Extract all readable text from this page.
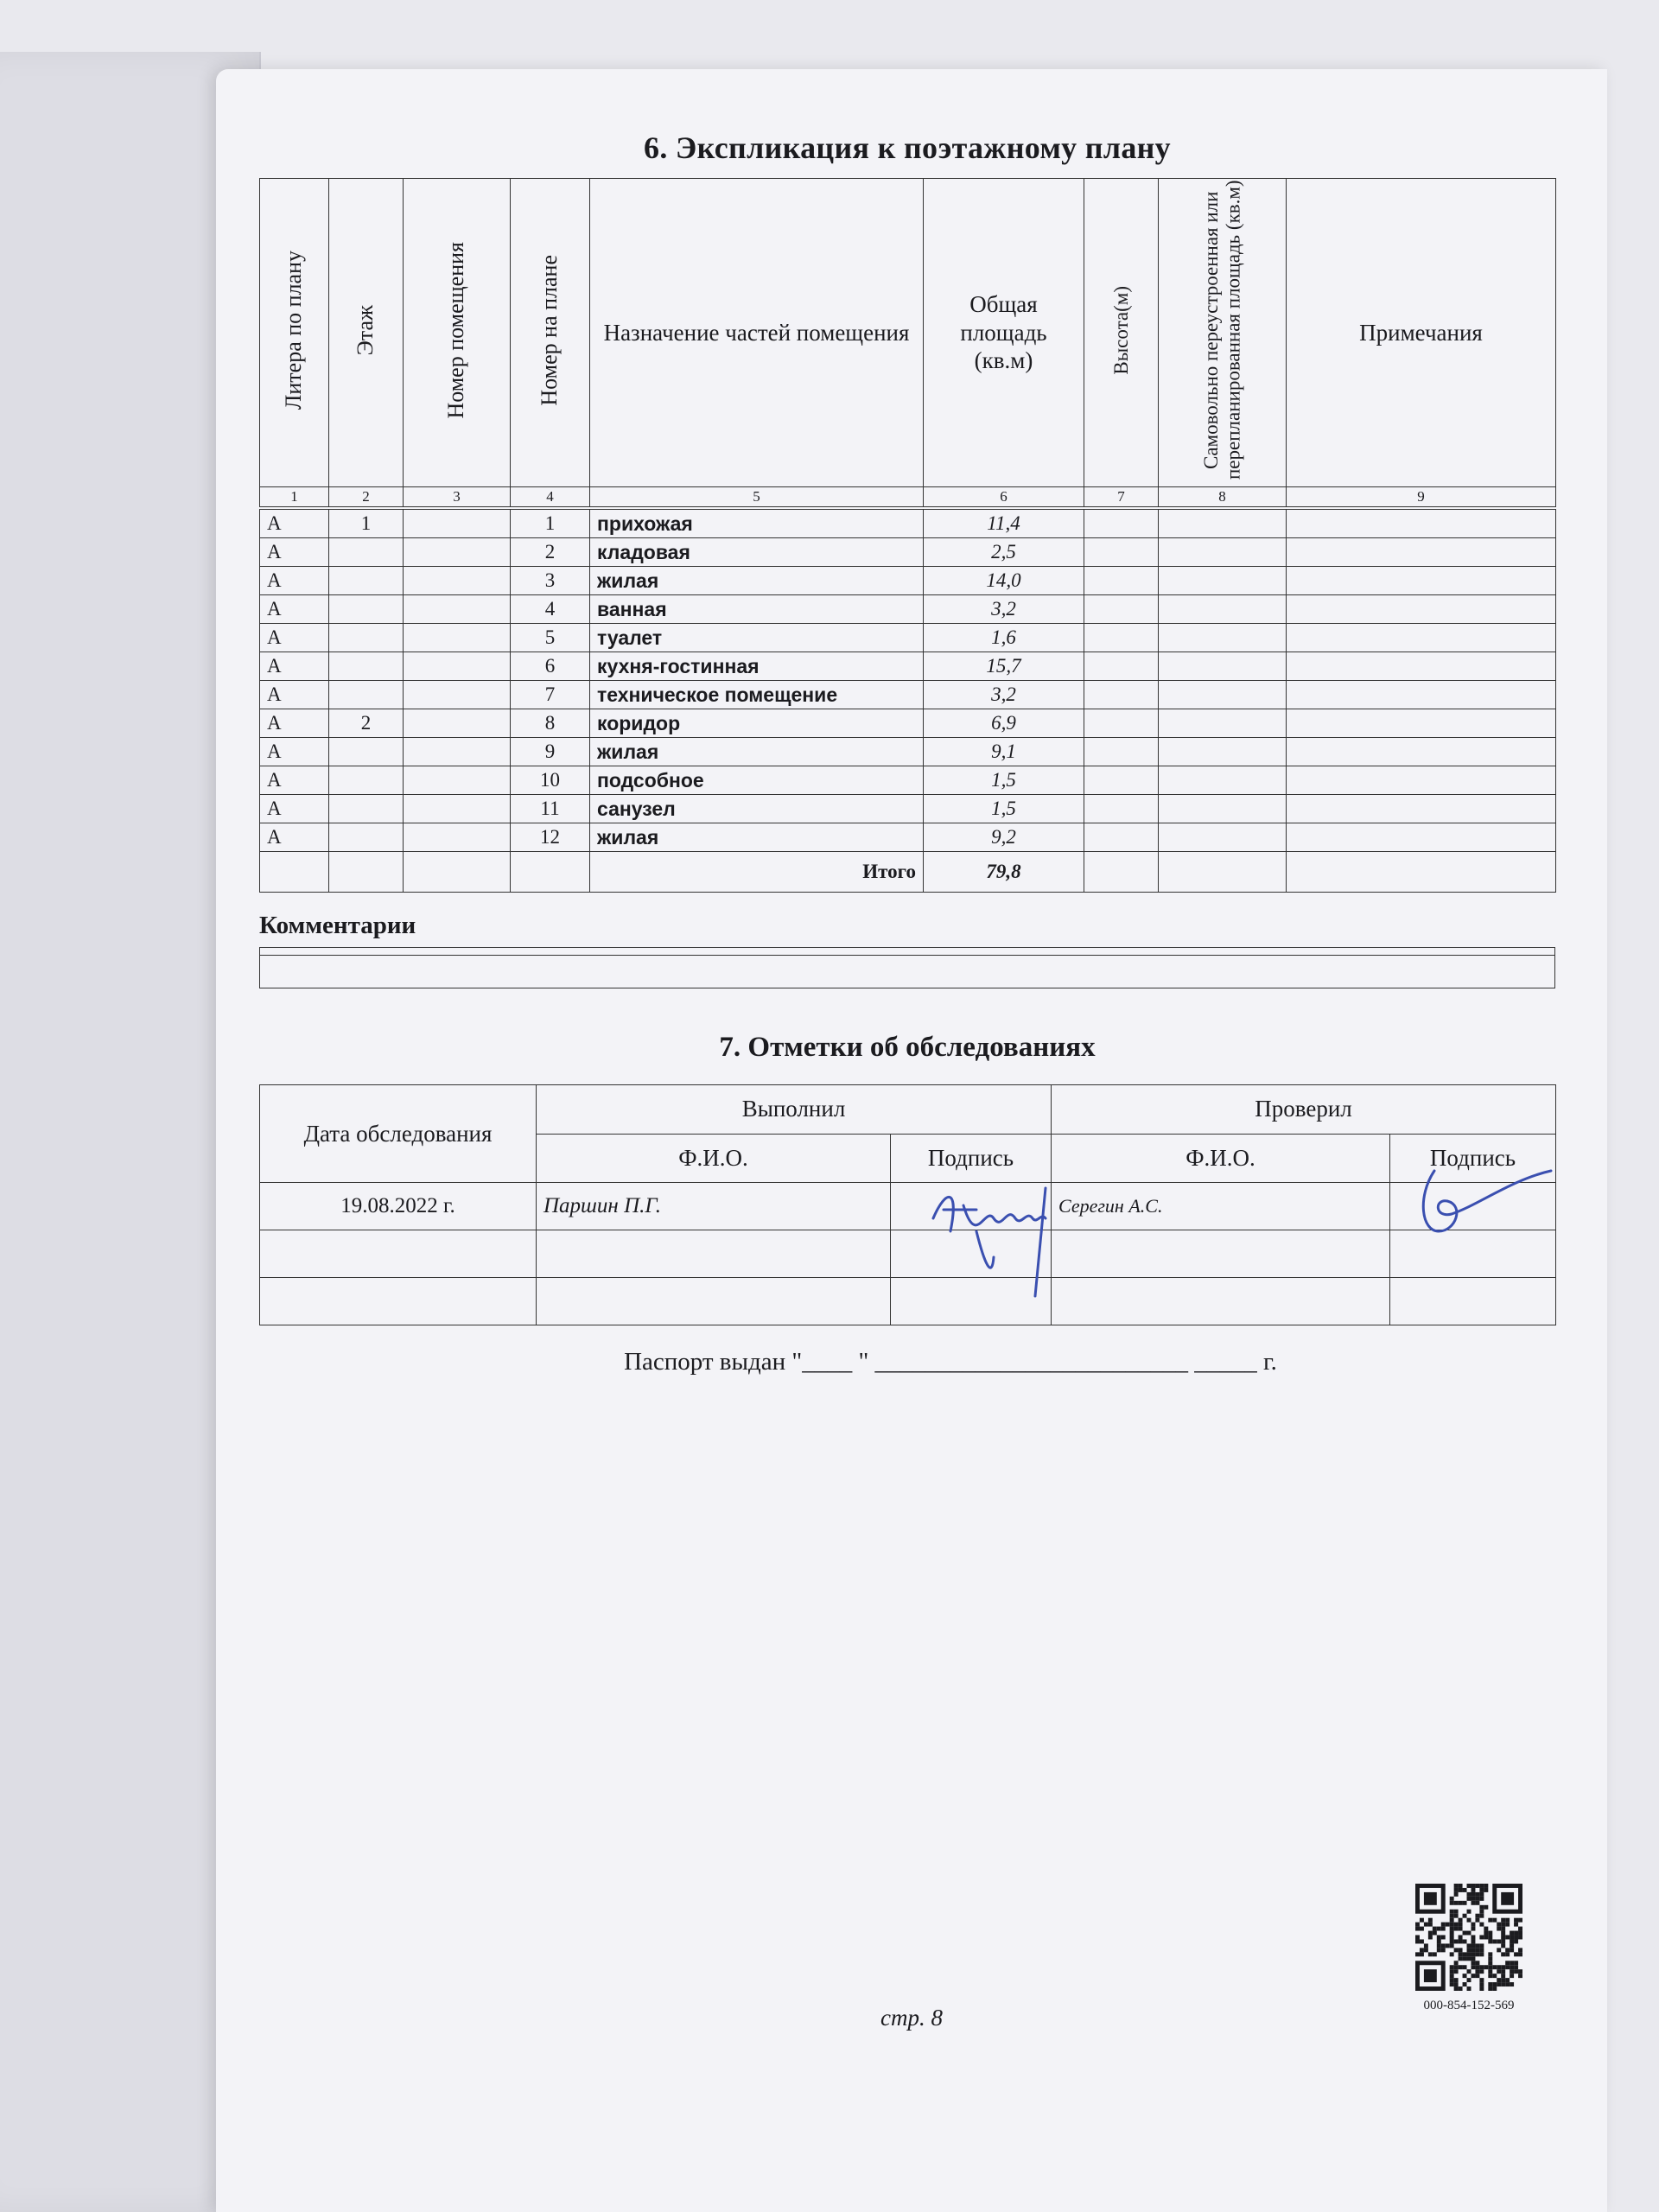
6. Экспликация к поэтажному плану
Литера по плану	Этаж	Номер помещения	Номер на плане	Назначение частей помещения	Общая площадь (кв.м)	Высота(м)	Самовольно переустроенная или перепланированная площадь (кв.м)	Примечания

1	2	3	4	5	6	7	8	9
А	1		1	прихожая	11,4			
А			2	кладовая	2,5			
А			3	жилая	14,0			
А			4	ванная	3,2			
А			5	туалет	1,6			
А			6	кухня-гостинная	15,7			
А			7	техническое помещение	3,2			
А	2		8	коридор	6,9			
А			9	жилая	9,1			
А			10	подсобное	1,5			
А			11	санузел	1,5			
А			12	жилая	9,2			
				Итого	79,8			
Комментарии
7. Отметки об обследованиях
Дата обследования	Выполнил		Проверил	
	Ф.И.О.	Подпись	Ф.И.О.	Подпись
19.08.2022 г.	Паршин П.Г.		Серегин А.С.	

Паспорт выдан "____ " _________________________ _____ г.
000-854-152-569
стр. 8
